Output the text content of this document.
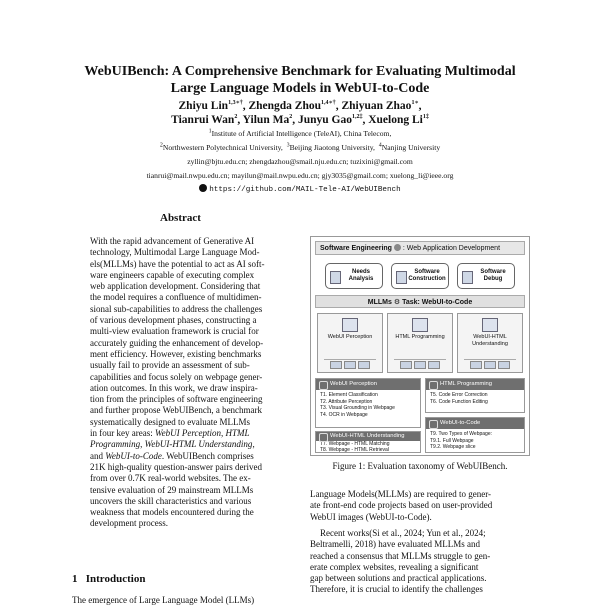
WebUIBench: A Comprehensive Benchmark for Evaluating Multimodal
Large Language Models in WebUI-to-Code
Zhiyu Lin$^{1,3∗\dagger}$, Zhengda Zhou$^{1,4∗\dagger}$, Zhiyuan Zhao$^{1∗}$,
Tianrui Wan$^2$, Yilun Ma$^2$, Junyu Gao$^{1,2\ddagger}$, Xuelong $Li^{1\ddagger}$
$^1$Institute of Artificial Intelligence (TeleAI), China Telecom,
$^2$Northwestern Polytechnical University, $^3$Beijing Jiaotong University, $^4$Nanjing University
zyllin@bjtu.edu.cn; zhengdazhou@smail.nju.edu.cn; tuzixini@gmail.com
tianrui@mail.nwpu.edu.cn; mayilun@mail.nwpu.edu.cn; gjy3035@gmail.com; xuelong_li@ieee.org
https://github.com/MAIL-Tele-AI/WebUIBench
Abstract
With the rapid advancement of Generative AI
technology, Multimodal Large Language Mod-
els(MLLMs) have the potential to act as AI soft-
ware engineers capable of executing complex
web application development. Considering that
the model requires a confluence of multidimen-
sional sub-capabilities to address the challenges
of various development phases, constructing a
multi-view evaluation framework is crucial for
accurately guiding the enhancement of develop-
ment efficiency. However, existing benchmarks
usually fail to provide an assessment of sub-
capabilities and focus solely on webpage gener-
ation outcomes. In this work, we draw inspira-
tion from the principles of software engineering
and further propose WebUIBench, a benchmark
systematically designed to evaluate MLLMs
in four key areas: WebUI Perception, HTML
Programming, WebUI-HTML Understanding,
and WebUI-to-Code. WebUIBench comprises
21K high-quality question-answer pairs derived
from over 0.7K real-world websites. The ex-
tensive evaluation of 29 mainstream MLLMs
uncovers the skill characteristics and various
weakness that models encountered during the
development process.
1 Introduction
The emergence of Large Language Model (LLMs)
Software Engineering : Web Application Development
Needs Analysis
Software Construction
Software Debug
MLLMs ⚙ Task: WebUI-to-Code
WebUI Perception	HTML Programming	WebUI-HTML Understanding
WebUI Perception
T1. Element Classification
T2. Attribute Perception
T3. Visual Grounding in Webpage
T4. OCR in Webpage
HTML Programming
T5. Code Error Correction
T6. Code Function Editing
WebUI-to-Code
T9. Two Types of Webpage:
T9.1. Full Webpage
T9.2. Webpage slice
WebUI-HTML Understanding
T7. Webpage - HTML Matching
T8. Webpage - HTML Retrieval
Figure 1: Evaluation taxonomy of WebUIBench.
Language Models(MLLMs) are required to gener-
ate front-end code projects based on user-provided
WebUI images (WebUI-to-Code).
Recent works(Si et al., 2024; Yun et al., 2024;
Beltramelli, 2018) have evaluated MLLMs and
reached a consensus that MLLMs struggle to gen-
erate complex websites, revealing a significant
gap between solutions and practical applications.
Therefore, it is crucial to identify the challenges
